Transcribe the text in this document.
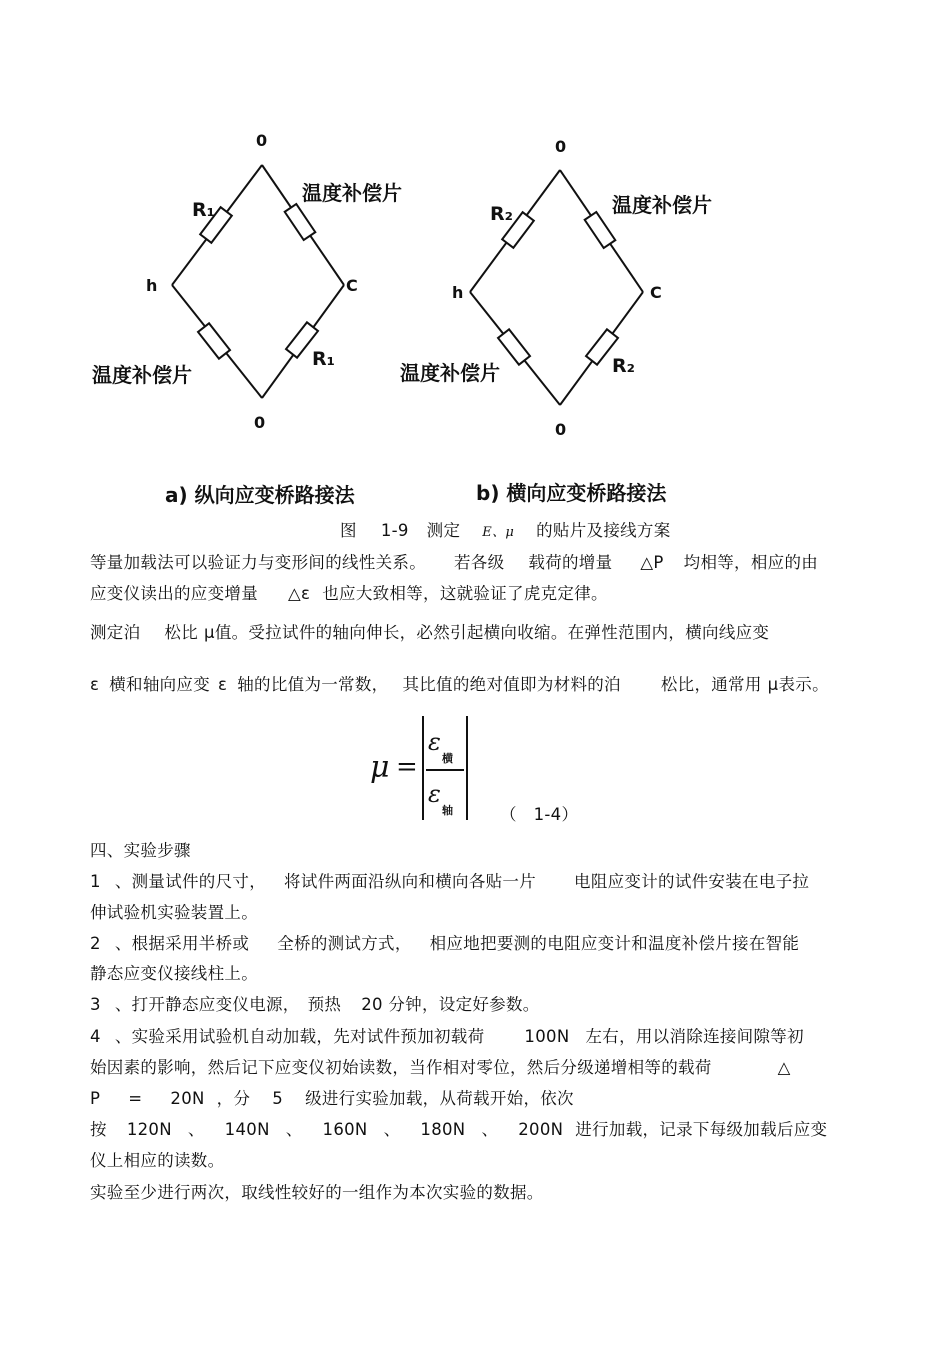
0
0
h	C
R₁
R₁
温度补偿片
温度补偿片
a) 纵向应变桥路接法
0
0
h	C
R₂
R₂
温度补偿片
温度补偿片
b) 横向应变桥路接法
图 1-9 测定 E、μ 的贴片及接线方案
等量加载法可以验证力与变形间的线性关系。 若各级 载荷的增量 △P 均相等，相应的由
应变仪读出的应变增量 △ε 也应大致相等，这就验证了虎克定律。
测定泊 松比 μ值。受拉试件的轴向伸长，必然引起横向收缩。在弹性范围内，横向线应变
ε 横和轴向应变 ε 轴的比值为一常数， 其比值的绝对值即为材料的泊 松比，通常用 μ表示。
μ =
ε
横
ε
轴	（　1-4）
四、实验步骤
1 、测量试件的尺寸， 将试件两面沿纵向和横向各贴一片 电阻应变计的试件安装在电子拉
伸试验机实验装置上。
2 、根据采用半桥或 全桥的测试方式， 相应地把要测的电阻应变计和温度补偿片接在智能
静态应变仪接线柱上。
3 、打开静态应变仪电源， 预热 20 分钟，设定好参数。
4 、实验采用试验机自动加载，先对试件预加初载荷 100N 左右，用以消除连接间隙等初
始因素的影响，然后记下应变仪初始读数，当作相对零位，然后分级递增相等的载荷	△
P = 20N ，分 5 级进行实验加载，从荷载开始，依次
按 120N 、 140N 、 160N 、 180N 、 200N 进行加载，记录下每级加载后应变
仪上相应的读数。
实验至少进行两次，取线性较好的一组作为本次实验的数据。
